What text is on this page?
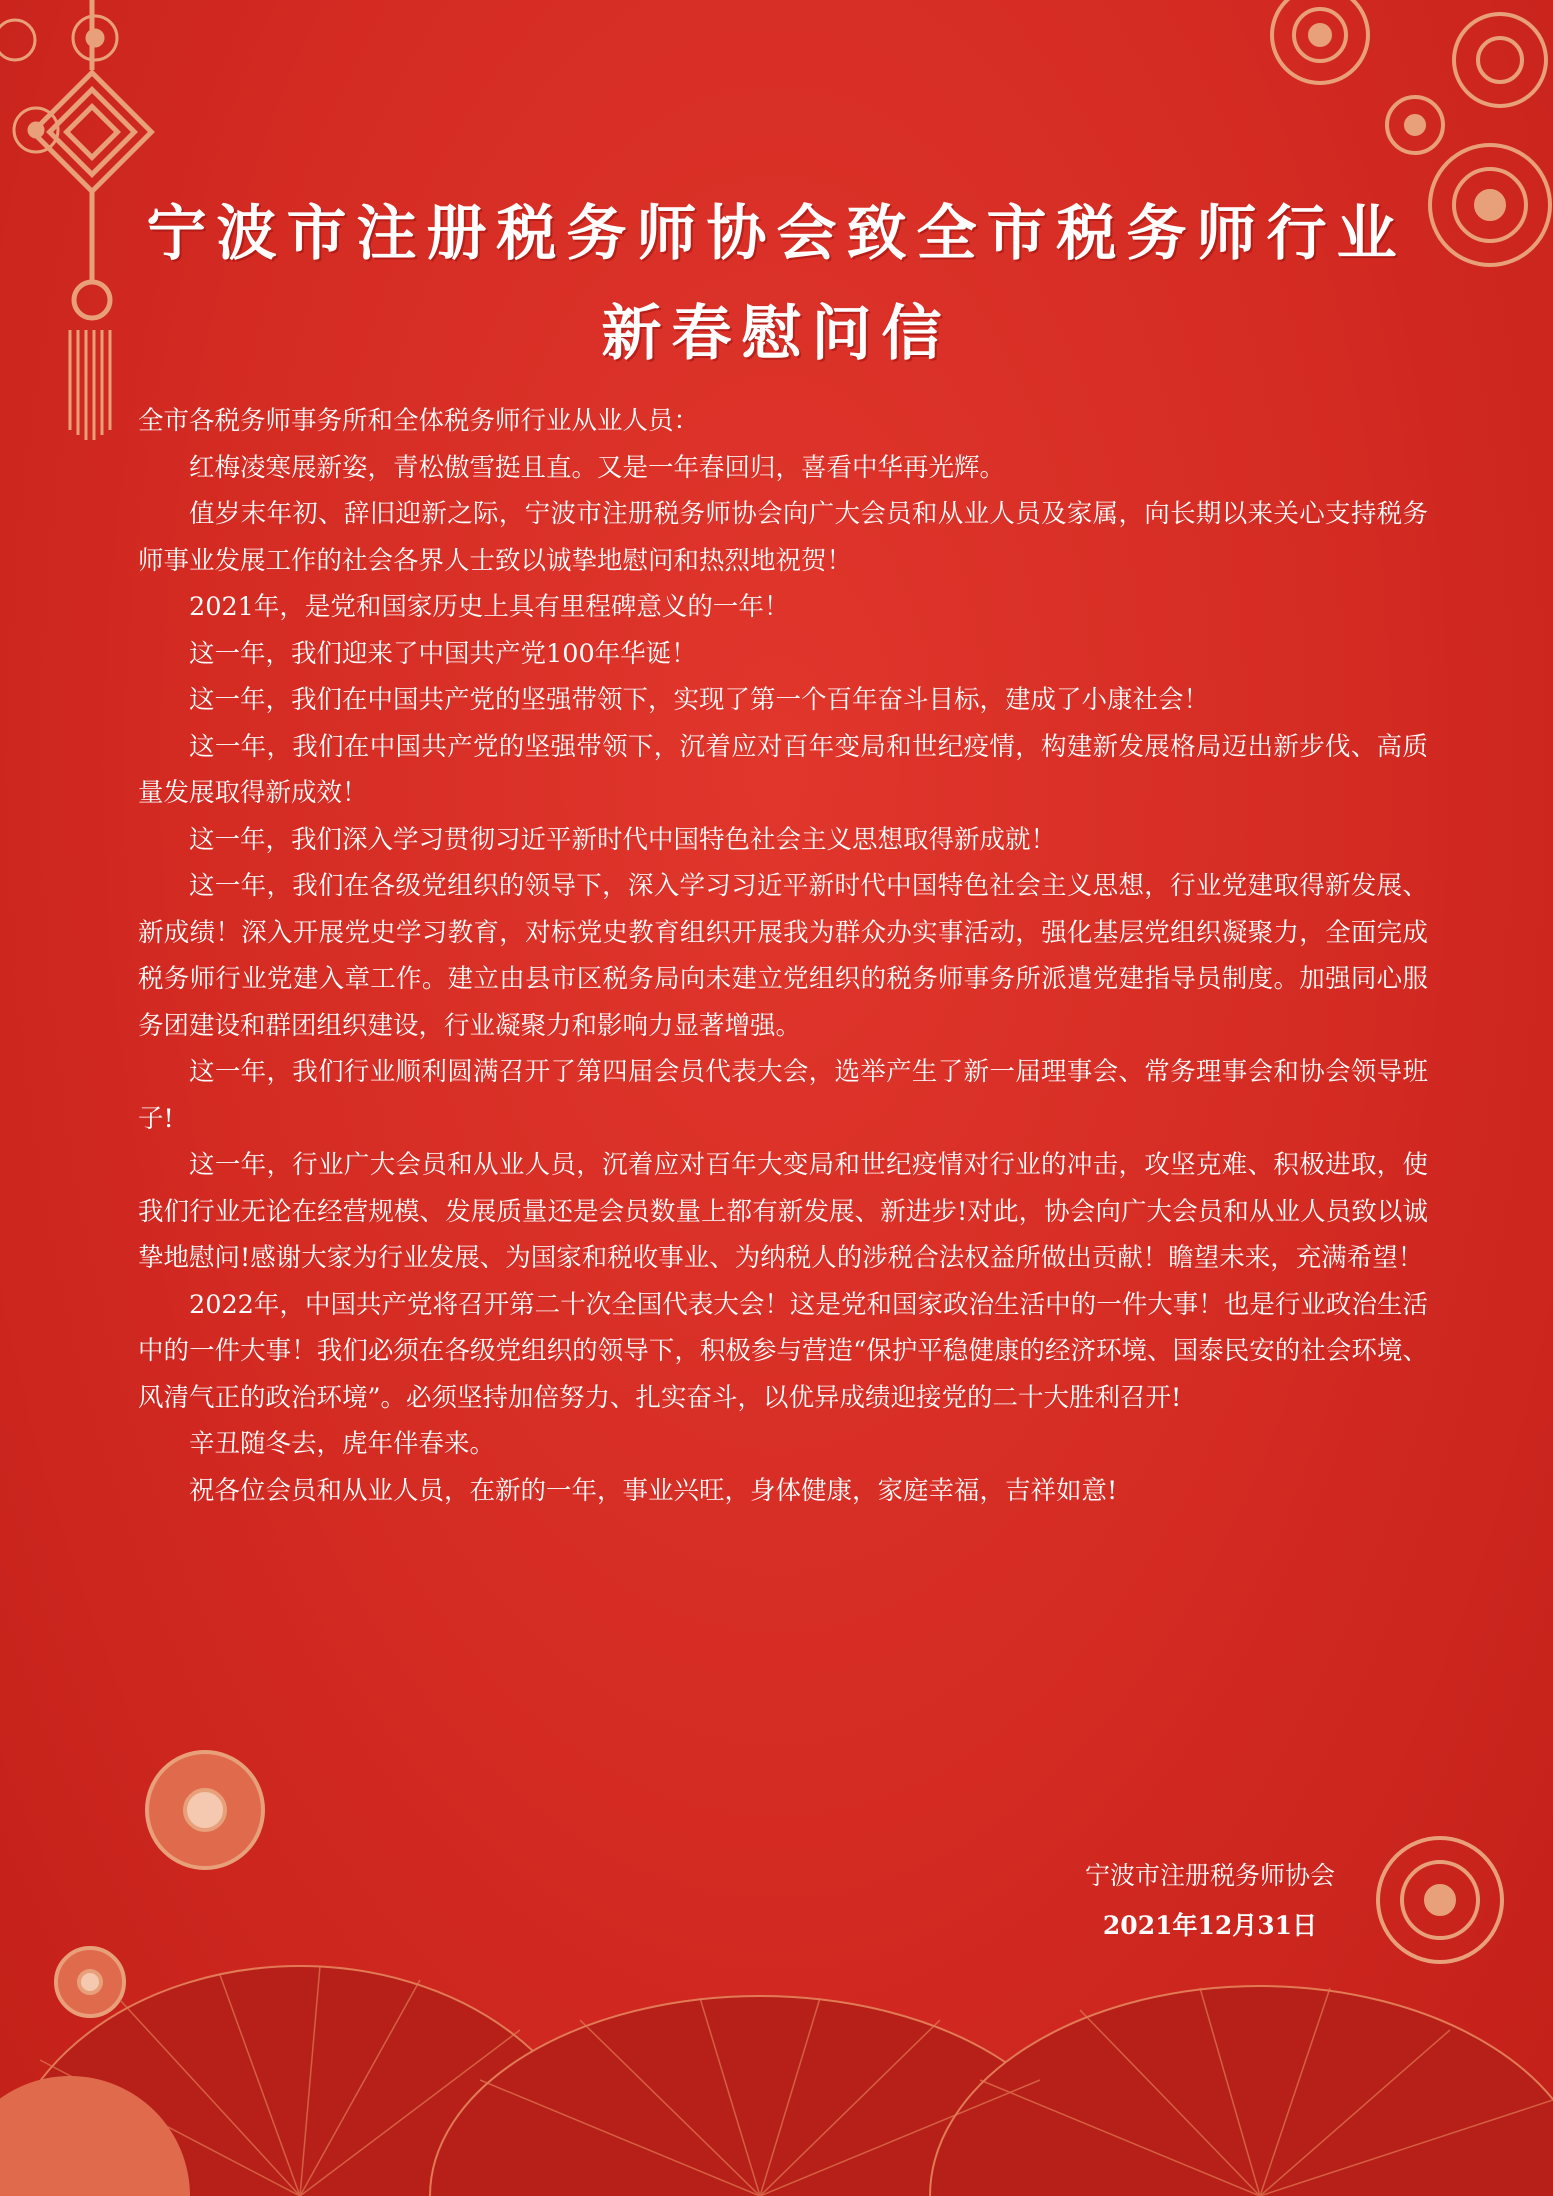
宁波市注册税务师协会致全市税务师行业
新春慰问信

全市各税务师事务所和全体税务师行业从业人员：

红梅凌寒展新姿，青松傲雪挺且直。又是一年春回归，喜看中华再光辉。

值岁末年初、辞旧迎新之际，宁波市注册税务师协会向广大会员和从业人员及家属，向长期以来关心支持税务师事业发展工作的社会各界人士致以诚挚地慰问和热烈地祝贺！

2021年，是党和国家历史上具有里程碑意义的一年！

这一年，我们迎来了中国共产党100年华诞！

这一年，我们在中国共产党的坚强带领下，实现了第一个百年奋斗目标，建成了小康社会！

这一年，我们在中国共产党的坚强带领下，沉着应对百年变局和世纪疫情，构建新发展格局迈出新步伐、高质量发展取得新成效！

这一年，我们深入学习贯彻习近平新时代中国特色社会主义思想取得新成就！

这一年，我们在各级党组织的领导下，深入学习习近平新时代中国特色社会主义思想，行业党建取得新发展、新成绩！深入开展党史学习教育，对标党史教育组织开展我为群众办实事活动，强化基层党组织凝聚力，全面完成税务师行业党建入章工作。建立由县市区税务局向未建立党组织的税务师事务所派遣党建指导员制度。加强同心服务团建设和群团组织建设，行业凝聚力和影响力显著增强。

这一年，我们行业顺利圆满召开了第四届会员代表大会，选举产生了新一届理事会、常务理事会和协会领导班子!

这一年，行业广大会员和从业人员，沉着应对百年大变局和世纪疫情对行业的冲击，攻坚克难、积极进取，使我们行业无论在经营规模、发展质量还是会员数量上都有新发展、新进步!对此，协会向广大会员和从业人员致以诚挚地慰问!感谢大家为行业发展、为国家和税收事业、为纳税人的涉税合法权益所做出贡献！瞻望未来，充满希望！

2022年，中国共产党将召开第二十次全国代表大会！这是党和国家政治生活中的一件大事！也是行业政治生活中的一件大事！我们必须在各级党组织的领导下，积极参与营造“保护平稳健康的经济环境、国泰民安的社会环境、风清气正的政治环境”。必须坚持加倍努力、扎实奋斗，以优异成绩迎接党的二十大胜利召开!

辛丑随冬去，虎年伴春来。

祝各位会员和从业人员，在新的一年，事业兴旺，身体健康，家庭幸福，吉祥如意!

宁波市注册税务师协会
2021年12月31日
